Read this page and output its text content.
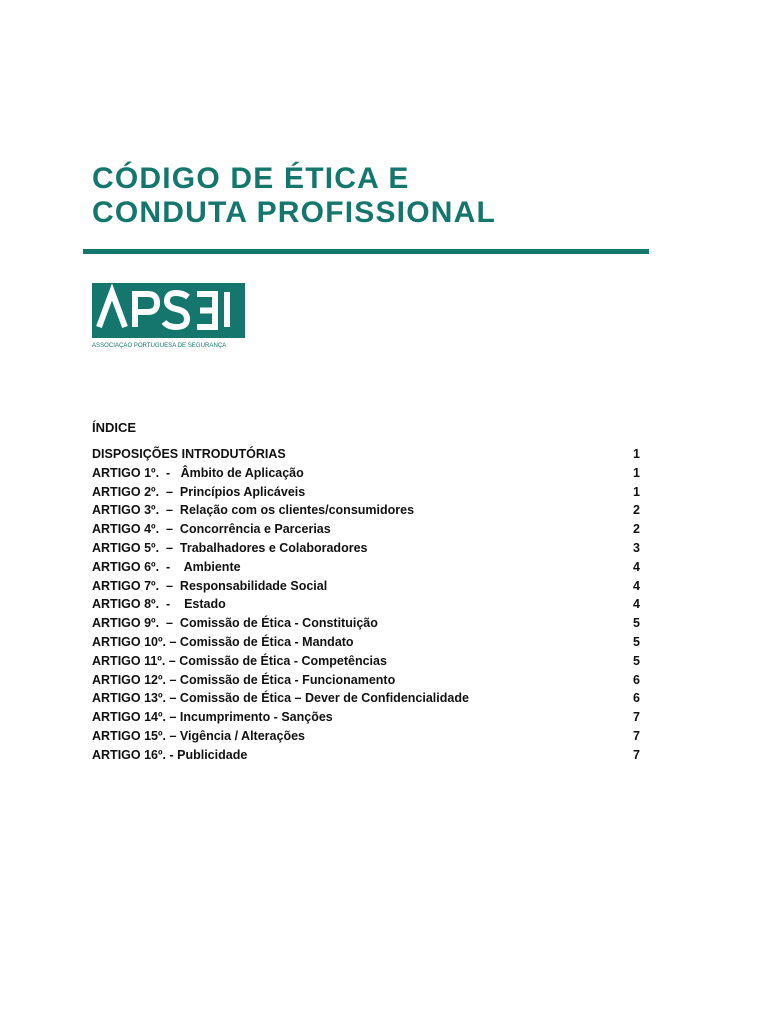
CÓDIGO DE ÉTICA E
CONDUTA PROFISSIONAL
ASSOCIAÇÃO PORTUGUESA DE SEGURANÇA
ÍNDICE
DISPOSIÇÕES INTRODUTÓRIAS	1
ARTIGO 1º.  -   Âmbito de Aplicação	1
ARTIGO 2º.  –  Princípios Aplicáveis	1
ARTIGO 3º.  –  Relação com os clientes/consumidores	2
ARTIGO 4º.  –  Concorrência e Parcerias	2
ARTIGO 5º.  –  Trabalhadores e Colaboradores	3
ARTIGO 6º.  -    Ambiente	4
ARTIGO 7º.  –  Responsabilidade Social	4
ARTIGO 8º.  -    Estado	4
ARTIGO 9º.  –  Comissão de Ética - Constituição	5
ARTIGO 10º. – Comissão de Ética - Mandato	5
ARTIGO 11º. – Comissão de Ética - Competências	5
ARTIGO 12º. – Comissão de Ética - Funcionamento	6
ARTIGO 13º. – Comissão de Ética – Dever de Confidencialidade	6
ARTIGO 14º. – Incumprimento - Sanções	7
ARTIGO 15º. – Vigência / Alterações	7
ARTIGO 16º. - Publicidade	7
